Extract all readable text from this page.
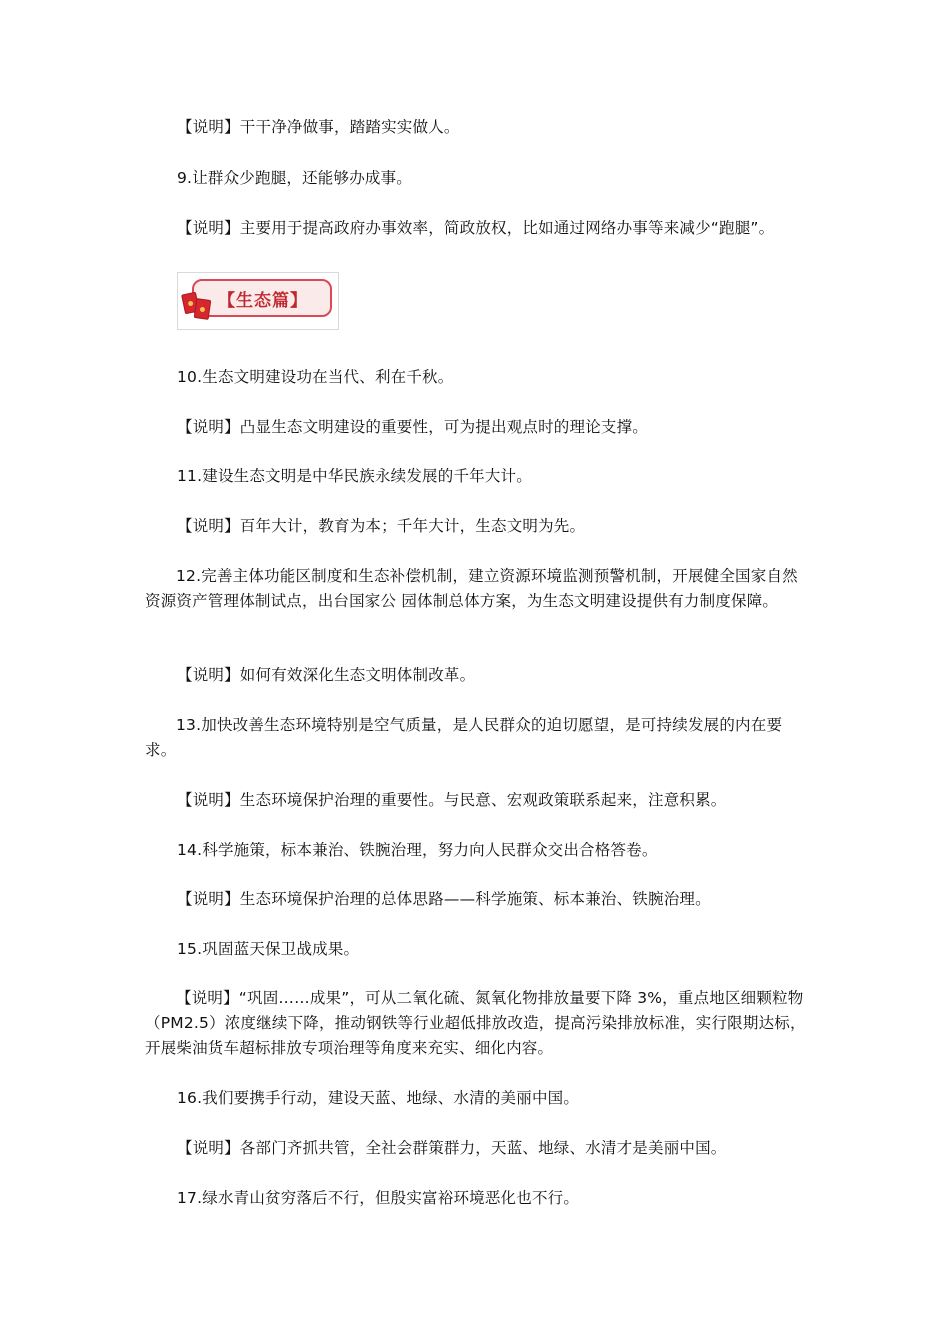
【说明】干干净净做事，踏踏实实做人。
9.让群众少跑腿，还能够办成事。
【说明】主要用于提高政府办事效率，简政放权，比如通过网络办事等来减少“跑腿”。
【生态篇】
10.生态文明建设功在当代、利在千秋。
【说明】凸显生态文明建设的重要性，可为提出观点时的理论支撑。
11.建设生态文明是中华民族永续发展的千年大计。
【说明】百年大计，教育为本；千年大计，生态文明为先。
12.完善主体功能区制度和生态补偿机制，建立资源环境监测预警机制，开展健全国家自然资源资产管理体制试点，出台国家公 园体制总体方案，为生态文明建设提供有力制度保障。
【说明】如何有效深化生态文明体制改革。
13.加快改善生态环境特别是空气质量，是人民群众的迫切愿望，是可持续发展的内在要求。
【说明】生态环境保护治理的重要性。与民意、宏观政策联系起来，注意积累。
14.科学施策，标本兼治、铁腕治理，努力向人民群众交出合格答卷。
【说明】生态环境保护治理的总体思路——科学施策、标本兼治、铁腕治理。
15.巩固蓝天保卫战成果。
【说明】“巩固……成果”，可从二氧化硫、氮氧化物排放量要下降 3%，重点地区细颗粒物（PM2.5）浓度继续下降，推动钢铁等行业超低排放改造，提高污染排放标准，实行限期达标，开展柴油货车超标排放专项治理等角度来充实、细化内容。
16.我们要携手行动，建设天蓝、地绿、水清的美丽中国。
【说明】各部门齐抓共管，全社会群策群力，天蓝、地绿、水清才是美丽中国。
17.绿水青山贫穷落后不行，但殷实富裕环境恶化也不行。
